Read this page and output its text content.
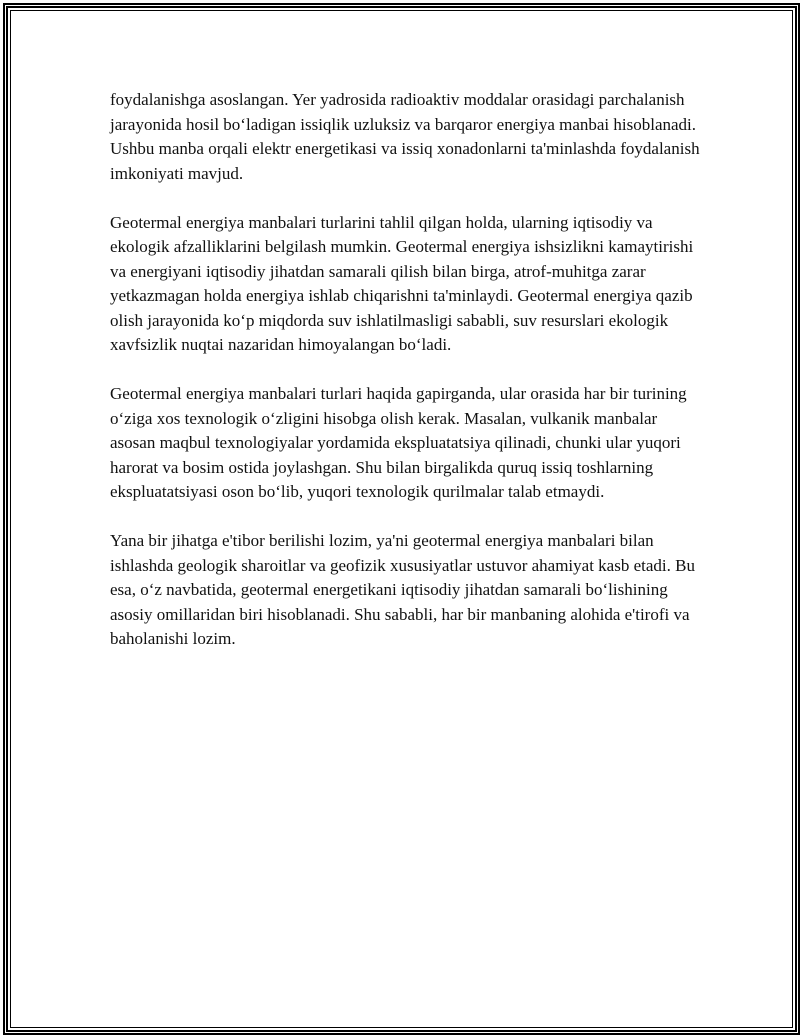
foydalanishga asoslangan. Yer yadrosida radioaktiv moddalar orasidagi parchalanish jarayonida hosil bo‘ladigan issiqlik uzluksiz va barqaror energiya manbai hisoblanadi. Ushbu manba orqali elektr energetikasi va issiq xonadonlarni ta'minlashda foydalanish imkoniyati mavjud.

Geotermal energiya manbalari turlarini tahlil qilgan holda, ularning iqtisodiy va ekologik afzalliklarini belgilash mumkin. Geotermal energiya ishsizlikni kamaytirishi va energiyani iqtisodiy jihatdan samarali qilish bilan birga, atrof-muhitga zarar yetkazmagan holda energiya ishlab chiqarishni ta'minlaydi. Geotermal energiya qazib olish jarayonida ko‘p miqdorda suv ishlatilmasligi sababli, suv resurslari ekologik xavfsizlik nuqtai nazaridan himoyalangan bo‘ladi.

Geotermal energiya manbalari turlari haqida gapirganda, ular orasida har bir turining o‘ziga xos texnologik o‘zligini hisobga olish kerak. Masalan, vulkanik manbalar asosan maqbul texnologiyalar yordamida ekspluatatsiya qilinadi, chunki ular yuqori harorat va bosim ostida joylashgan. Shu bilan birgalikda quruq issiq toshlarning ekspluatatsiyasi oson bo‘lib, yuqori texnologik qurilmalar talab etmaydi.

Yana bir jihatga e'tibor berilishi lozim, ya'ni geotermal energiya manbalari bilan ishlashda geologik sharoitlar va geofizik xususiyatlar ustuvor ahamiyat kasb etadi. Bu esa, o‘z navbatida, geotermal energetikani iqtisodiy jihatdan samarali bo‘lishining asosiy omillaridan biri hisoblanadi. Shu sababli, har bir manbaning alohida e'tirofi va baholanishi lozim.
